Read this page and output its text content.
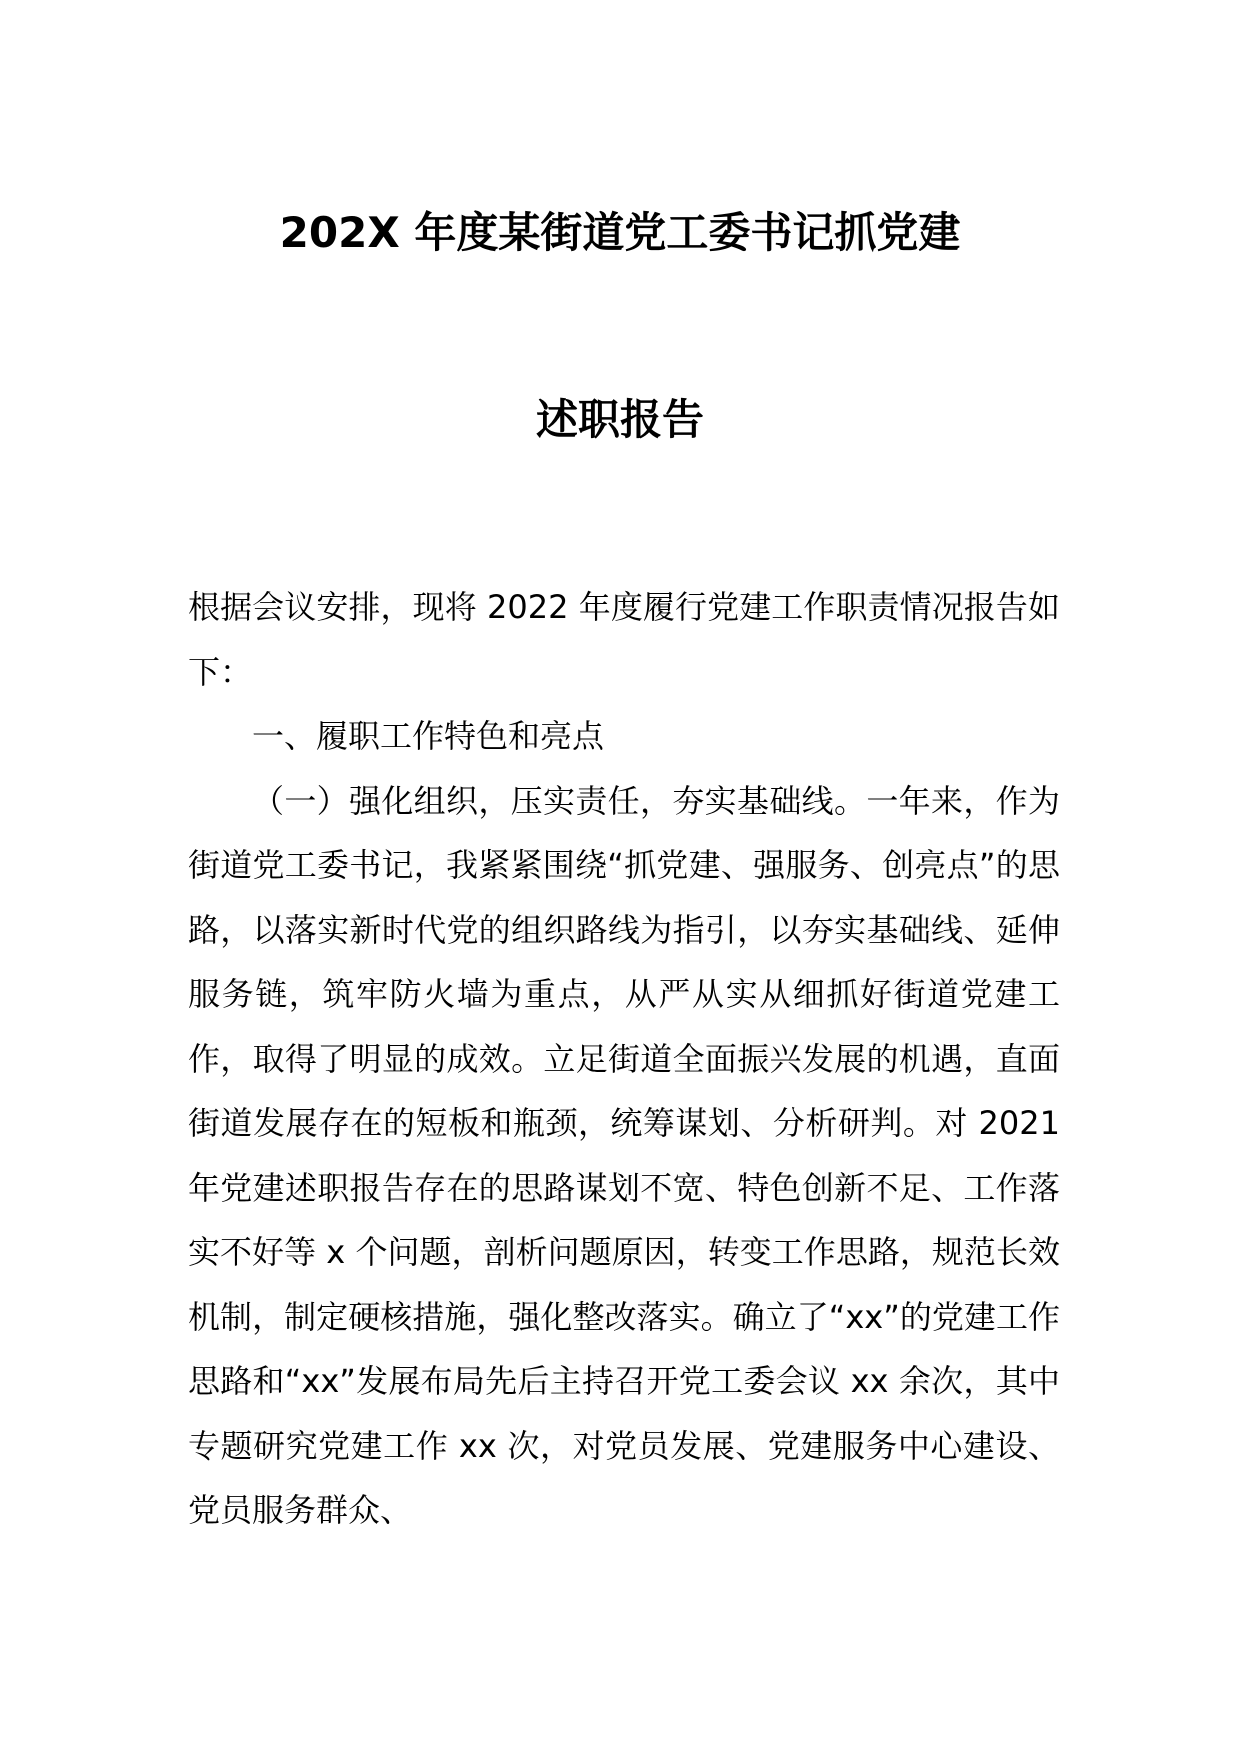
202X 年度某街道党工委书记抓党建
述职报告

根据会议安排，现将 2022 年度履行党建工作职责情况报告如下：

一、履职工作特色和亮点

（一）强化组织，压实责任，夯实基础线。一年来，作为街道党工委书记，我紧紧围绕“抓党建、强服务、创亮点”的思路，以落实新时代党的组织路线为指引，以夯实基础线、延伸服务链，筑牢防火墙为重点，从严从实从细抓好街道党建工作，取得了明显的成效。立足街道全面振兴发展的机遇，直面街道发展存在的短板和瓶颈，统筹谋划、分析研判。对 2021 年党建述职报告存在的思路谋划不宽、特色创新不足、工作落实不好等 x 个问题，剖析问题原因，转变工作思路，规范长效机制，制定硬核措施，强化整改落实。确立了“xx”的党建工作思路和“xx”发展布局先后主持召开党工委会议 xx 余次，其中专题研究党建工作 xx 次，对党员发展、党建服务中心建设、党员服务群众、
